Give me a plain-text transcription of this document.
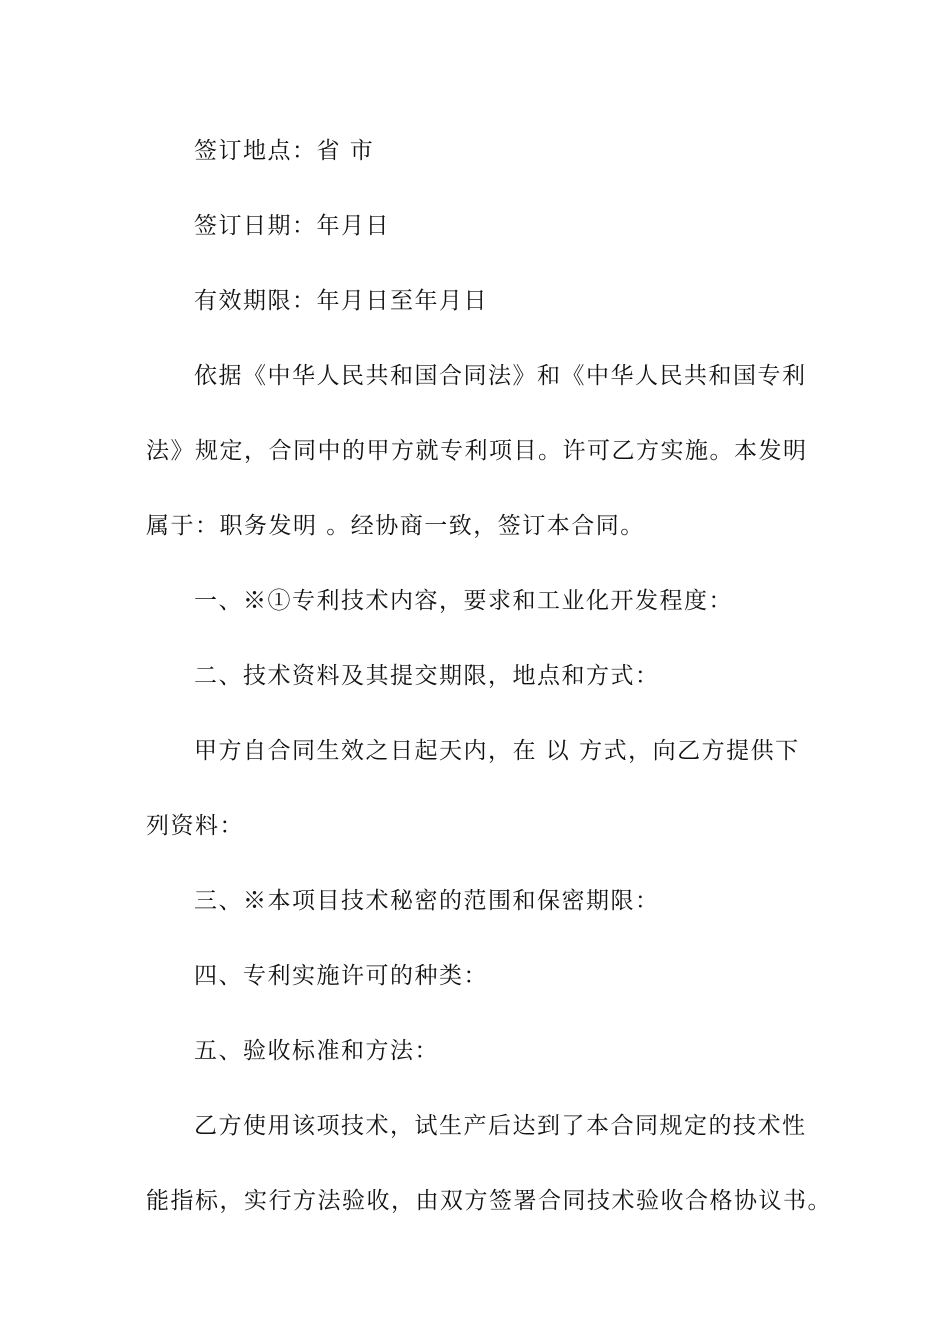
签订地点：省 市
签订日期：年月日
有效期限：年月日至年月日
依据《中华人民共和国合同法》和《中华人民共和国专利
法》规定，合同中的甲方就专利项目。许可乙方实施。本发明
属于：职务发明 。经协商一致，签订本合同。
一、※①专利技术内容，要求和工业化开发程度：
二、技术资料及其提交期限，地点和方式：
甲方自合同生效之日起天内，在 以 方式，向乙方提供下
列资料：
三、※本项目技术秘密的范围和保密期限：
四、专利实施许可的种类：
五、验收标准和方法：
乙方使用该项技术，试生产后达到了本合同规定的技术性
能指标，实行方法验收，由双方签署合同技术验收合格协议书。
